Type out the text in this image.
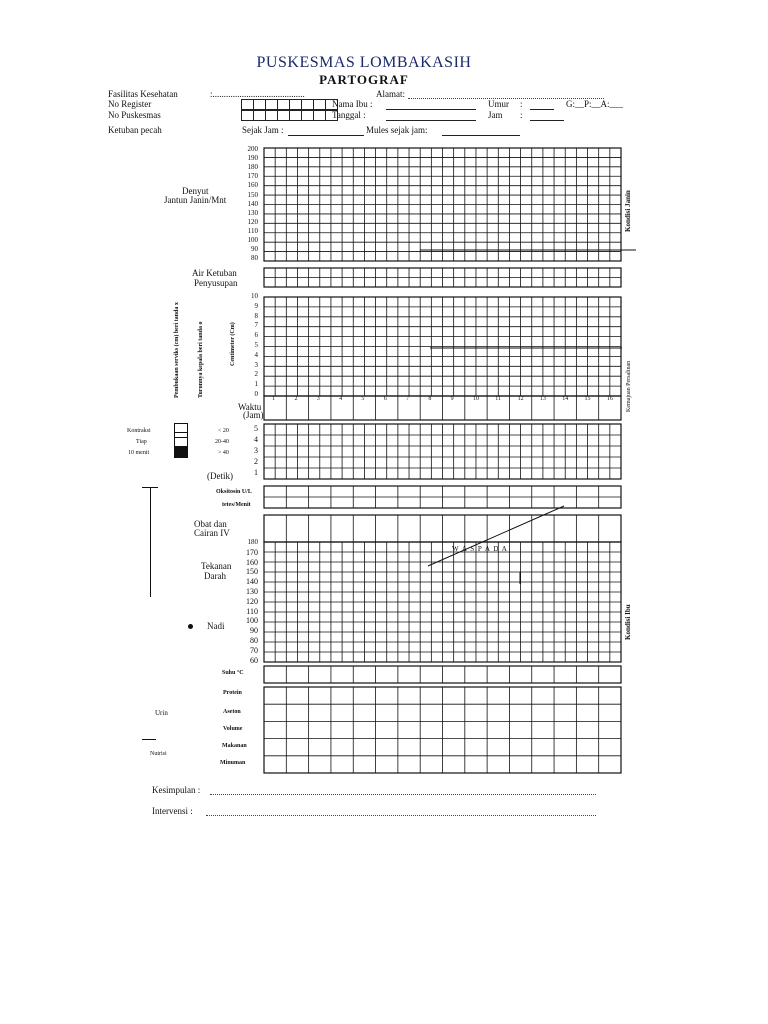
PUSKESMAS LOMBAKASIH
PARTOGRAF
Fasilitas Kesehatan	:.........................................	Alamat:
No Register
No Puskesmas
Nama Ibu :
Tanggal :
Umur :	G:__P:__A:___
Jam :
Ketuban pecah	Sejak Jam :	Mules sejak jam:
Denyut
Jantun Janin/Mnt
200
190
180
170
160
150
140
130
120
110
100
90
80
Kondisi Janin
Air Ketuban
Penyusupan
Pembukaan serviks (cm) beri tanda x	Turunnya kepala beri tanda o	Centimeter (Cm)
10
9
8
7
6
5
4
3
2
1
0
1	2	3	4	5	6	7	8	9	10	11	12	13	14	15	16
Waktu
(Jam)
Kemajuan Persalinan
Kontraksi
Tiap
10 menit
< 20
20-40
> 40
5
4
3
2
1
(Detik)
Oksitosin U/L
tetes/Menit
Obat dan
Cairan IV
Tekanan
Darah
180
170
160
150
140
130
120
110
100
90
80
70
60
Nadi
W A S P A D A
Kondisi Ibu
Suhu °C
Protein
Urin	Aseton
Volume
Makanan
Nutrisi
Minuman
Kesimpulan :
Intervensi :
